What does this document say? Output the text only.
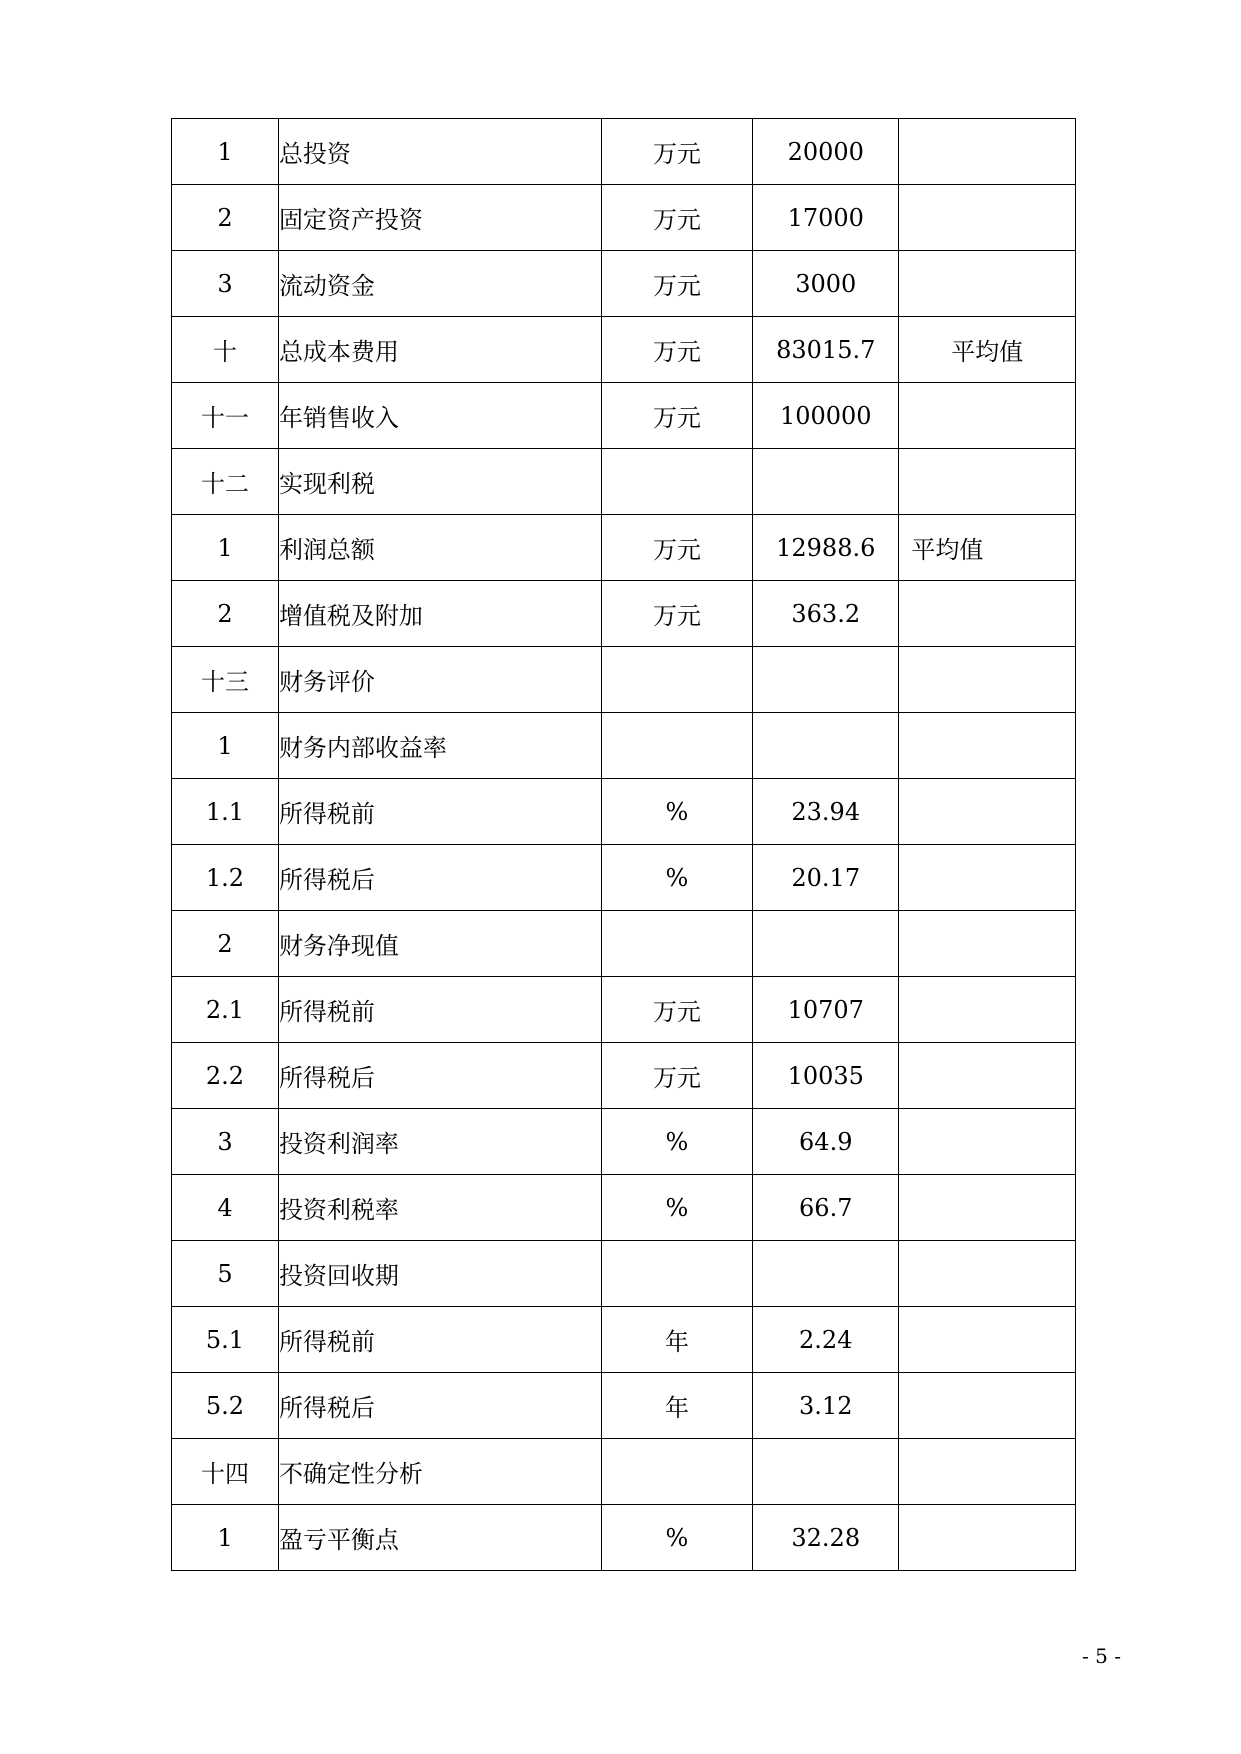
1	总投资	万元	20000	
2	固定资产投资	万元	17000	
3	流动资金	万元	3000	
十	总成本费用	万元	83015.7	平均值
十一	年销售收入	万元	100000	
十二	实现利税			
1	利润总额	万元	12988.6	平均值
2	增值税及附加	万元	363.2	
十三	财务评价			
1	财务内部收益率			
1.1	所得税前	%	23.94	
1.2	所得税后	%	20.17	
2	财务净现值			
2.1	所得税前	万元	10707	
2.2	所得税后	万元	10035	
3	投资利润率	%	64.9	
4	投资利税率	%	66.7	
5	投资回收期			
5.1	所得税前	年	2.24	
5.2	所得税后	年	3.12	
十四	不确定性分析			
1	盈亏平衡点	%	32.28	
- 5 -
